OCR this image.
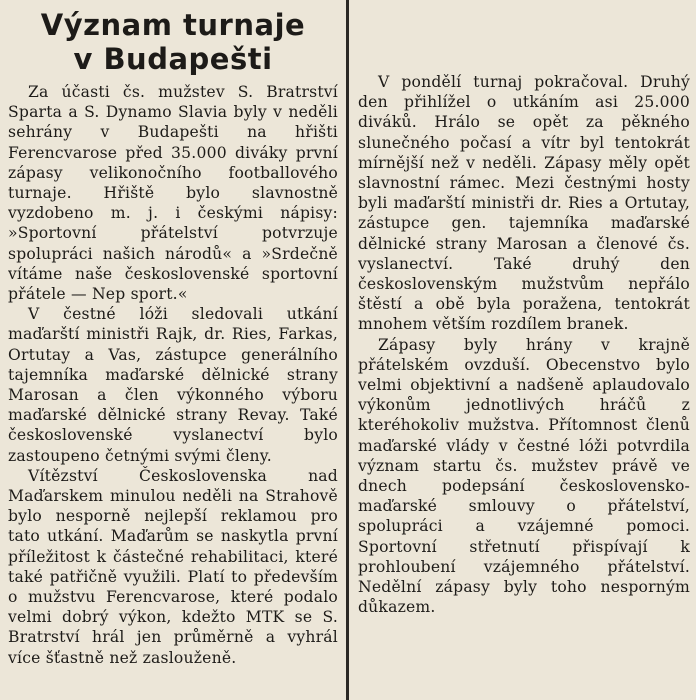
Význam turnaje
v Budapešti

Za účasti čs. mužstev S. Bratrství Sparta a S. Dynamo Slavia byly v neděli sehrány v Budapešti na hřišti Ferencvarose před 35.000 diváky první zápasy velikonočního footballového turnaje. Hřiště bylo slavnostně vyzdobeno m. j. i českými nápisy: »Sportovní přátelství potvrzuje spolupráci našich národů« a »Srdečně vítáme naše československé sportovní přátele — Nep sport.«

V čestné lóži sledovali utkání maďarští ministři Rajk, dr. Ries, Farkas, Ortutay a Vas, zástupce generálního tajemníka maďarské dělnické strany Marosan a člen výkonného výboru maďarské dělnické strany Revay. Také československé vyslanectví bylo zastoupeno četnými svými členy.

Vítězství Československa nad Maďarskem minulou neděli na Strahově bylo nesporně nejlepší reklamou pro tato utkání. Maďarům se naskytla první příležitost k částečné rehabilitaci, které také patřičně využili. Platí to především o mužstvu Ferencvarose, které podalo velmi dobrý výkon, kdežto MTK se S. Bratrství hrál jen průměrně a vyhrál více šťastně než zaslouženě.

V pondělí turnaj pokračoval. Druhý den přihlížel o utkáním asi 25.000 diváků. Hrálo se opět za pěkného slunečného počasí a vítr byl tentokrát mírnější než v neděli. Zápasy měly opět slavnostní rámec. Mezi čestnými hosty byli maďarští ministři dr. Ries a Ortutay, zástupce gen. tajemníka maďarské dělnické strany Marosan a členové čs. vyslanectví. Také druhý den československým mužstvům nepřálo štěstí a obě byla poražena, tentokrát mnohem větším rozdílem branek.

Zápasy byly hrány v krajně přátelském ovzduší. Obecenstvo bylo velmi objektivní a nadšeně aplaudovalo výkonům jednotlivých hráčů z kteréhokoliv mužstva. Přítomnost členů maďarské vlády v čestné lóži potvrdila význam startu čs. mužstev právě ve dnech podepsání československo-maďarské smlouvy o přátelství, spolupráci a vzájemné pomoci. Sportovní střetnutí přispívají k prohloubení vzájemného přátelství. Nedělní zápasy byly toho nesporným důkazem.
